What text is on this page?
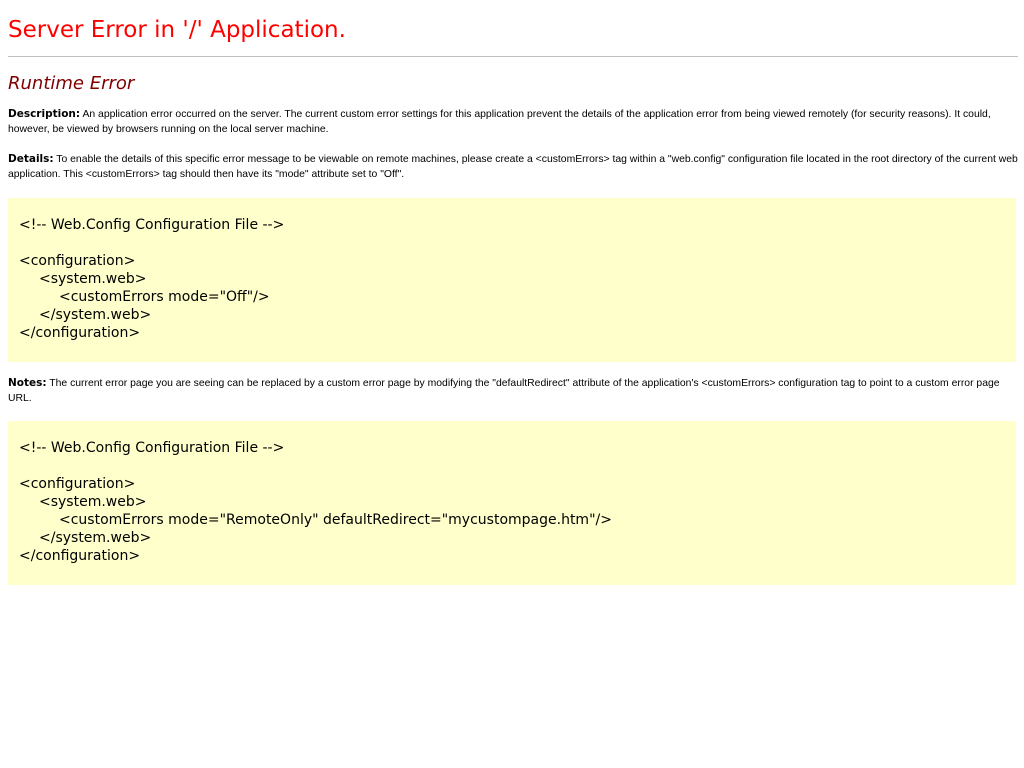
Server Error in '/' Application.
Runtime Error

Description: An application error occurred on the server. The current custom error settings for this application prevent the details of the application error from being viewed remotely (for security reasons). It could, however, be viewed by browsers running on the local server machine.

Details: To enable the details of this specific error message to be viewable on remote machines, please create a <customErrors> tag within a "web.config" configuration file located in the root directory of the current web application. This <customErrors> tag should then have its "mode" attribute set to "Off".

<!-- Web.Config Configuration File -->
<configuration>
<system.web>
<customErrors mode="Off"/>
</system.web>
</configuration>

Notes: The current error page you are seeing can be replaced by a custom error page by modifying the "defaultRedirect" attribute of the application's <customErrors> configuration tag to point to a custom error page URL.

<!-- Web.Config Configuration File -->
<configuration>
<system.web>
<customErrors mode="RemoteOnly" defaultRedirect="mycustompage.htm"/>
</system.web>
</configuration>
